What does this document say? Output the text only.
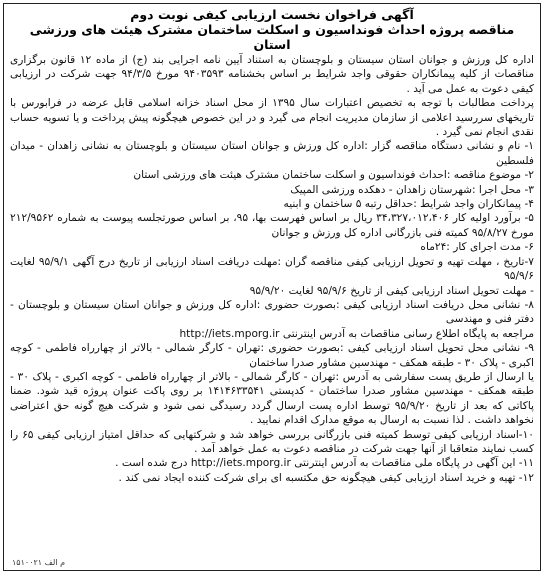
آگهی فراخوان نخست ارزیابی کیفی نوبت دوم
مناقصه پروژه احداث فونداسیون و اسکلت ساختمان مشترک هیئت های ورزشی استان

اداره کل ورزش و جوانان استان سیستان و بلوچستان به استناد آیین نامه اجرایی بند (ج) از ماده ۱۲ قانون برگزاری مناقصات از کلیه پیمانکاران حقوقی واجد شرایط بر اساس بخشنامه ۹۴۰۳۵۹۳ مورخ ۹۴/۳/۵ جهت شرکت در ارزیابی کیفی دعوت به عمل می آید .

پرداخت مطالبات با توجه به تخصیص اعتبارات سال ۱۳۹۵ از محل اسناد خزانه اسلامی قابل عرضه در فرابورس با تاریخهای سررسید اعلامی از سازمان مدیریت انجام می گیرد و در این خصوص هیچگونه پیش پرداخت و یا تسویه حساب نقدی انجام نمی گیرد .

۱- نام و نشانی دستگاه مناقصه گزار :اداره کل ورزش و جوانان استان سیستان و بلوچستان به نشانی زاهدان - میدان فلسطین

۲- موضوع مناقصه :احداث فونداسیون و اسکلت ساختمان مشترک هیئت های ورزشی استان

۳- محل اجرا :شهرستان زاهدان - دهکده ورزشی المپیک

۴- پیمانکاران واجد شرایط :حداقل رتبه ۵ ساختمان و ابنیه

۵- برآورد اولیه کار ۳۴،۳۲۷،۰۱۲،۴۰۶ ریال بر اساس فهرست بها، ۹۵، بر اساس صورتجلسه پیوست به شماره ۲۱۲/۹۵۶۲ مورخ ۹۵/۸/۲۷ کمیته فنی بازرگانی اداره کل ورزش و جوانان

۶- مدت اجرای کار :۲۴ماه

۷-تاریخ ، مهلت تهیه و تحویل ارزیابی کیفی مناقصه گران :مهلت دریافت اسناد ارزیابی از تاریخ درج آگهی ۹۵/۹/۱ لغایت ۹۵/۹/۶

- مهلت تحویل اسناد ارزیابی کیفی از تاریخ ۹۵/۹/۶ لغایت ۹۵/۹/۲۰

۸- نشانی محل دریافت اسناد ارزیابی کیفی :بصورت حضوری :اداره کل ورزش و جوانان استان سیستان و بلوچستان - دفتر فنی و مهندسی

مراجعه به پایگاه اطلاع رسانی مناقصات به آدرس اینترنتی http://iets.mporg.ir

۹- نشانی محل تحویل اسناد ارزیابی کیفی :بصورت حضوری :تهران - کارگر شمالی - بالاتر از چهارراه فاطمی - کوچه اکبری - پلاک ۳۰ - طبقه همکف - مهندسین مشاور صدرا ساختمان

یا ارسال از طریق پست سفارشی به آدرس :تهران - کارگر شمالی - بالاتر از چهارراه فاطمی - کوچه اکبری - پلاک ۳۰ - طبقه همکف - مهندسین مشاور صدرا ساختمان - کدپستی ۱۴۱۴۶۳۳۵۴۱ بر روی پاکت عنوان پروژه قید شود. ضمنا پاکاتی که بعد از تاریخ ۹۵/۹/۲۰ توسط اداره پست ارسال گردد رسیدگی نمی شود و شرکت هیچ گونه حق اعتراضی نخواهد داشت . لذا نسبت به ارسال به موقع مدارک اقدام نمایید .

۱۰-اسناد ارزیابی کیفی توسط کمیته فنی بازرگانی بررسی خواهد شد و شرکتهایی که حداقل امتیاز ارزیابی کیفی ۶۵ را کسب نمایند متعاقبا از آنها جهت شرکت در مناقصه دعوت به عمل خواهد آمد .

۱۱- این آگهی در پایگاه ملی مناقصات به آدرس اینترنتی http://iets.mporg.ir درج شده است .

۱۲- تهیه و خرید اسناد ارزیابی کیفی هیچگونه حق مکتسبه ای برای شرکت کننده ایجاد نمی کند .

م الف ۱۵۱۰۰۲۱
